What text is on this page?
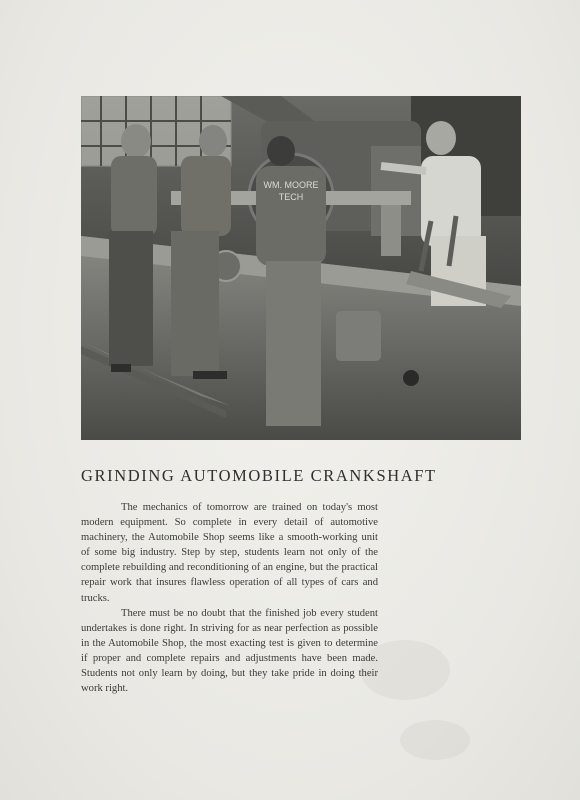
WM. MOORE
TECH
GRINDING AUTOMOBILE CRANKSHAFT

The mechanics of tomorrow are trained on today's most modern equipment. So complete in every detail of automotive machinery, the Automobile Shop seems like a smooth-working unit of some big industry. Step by step, students learn not only of the complete rebuilding and reconditioning of an engine, but the practical repair work that insures flawless operation of all types of cars and trucks.

There must be no doubt that the finished job every student undertakes is done right. In striving for as near perfection as possible in the Automobile Shop, the most exacting test is given to determine if proper and complete repairs and adjustments have been made. Students not only learn by doing, but they take pride in doing their work right.
